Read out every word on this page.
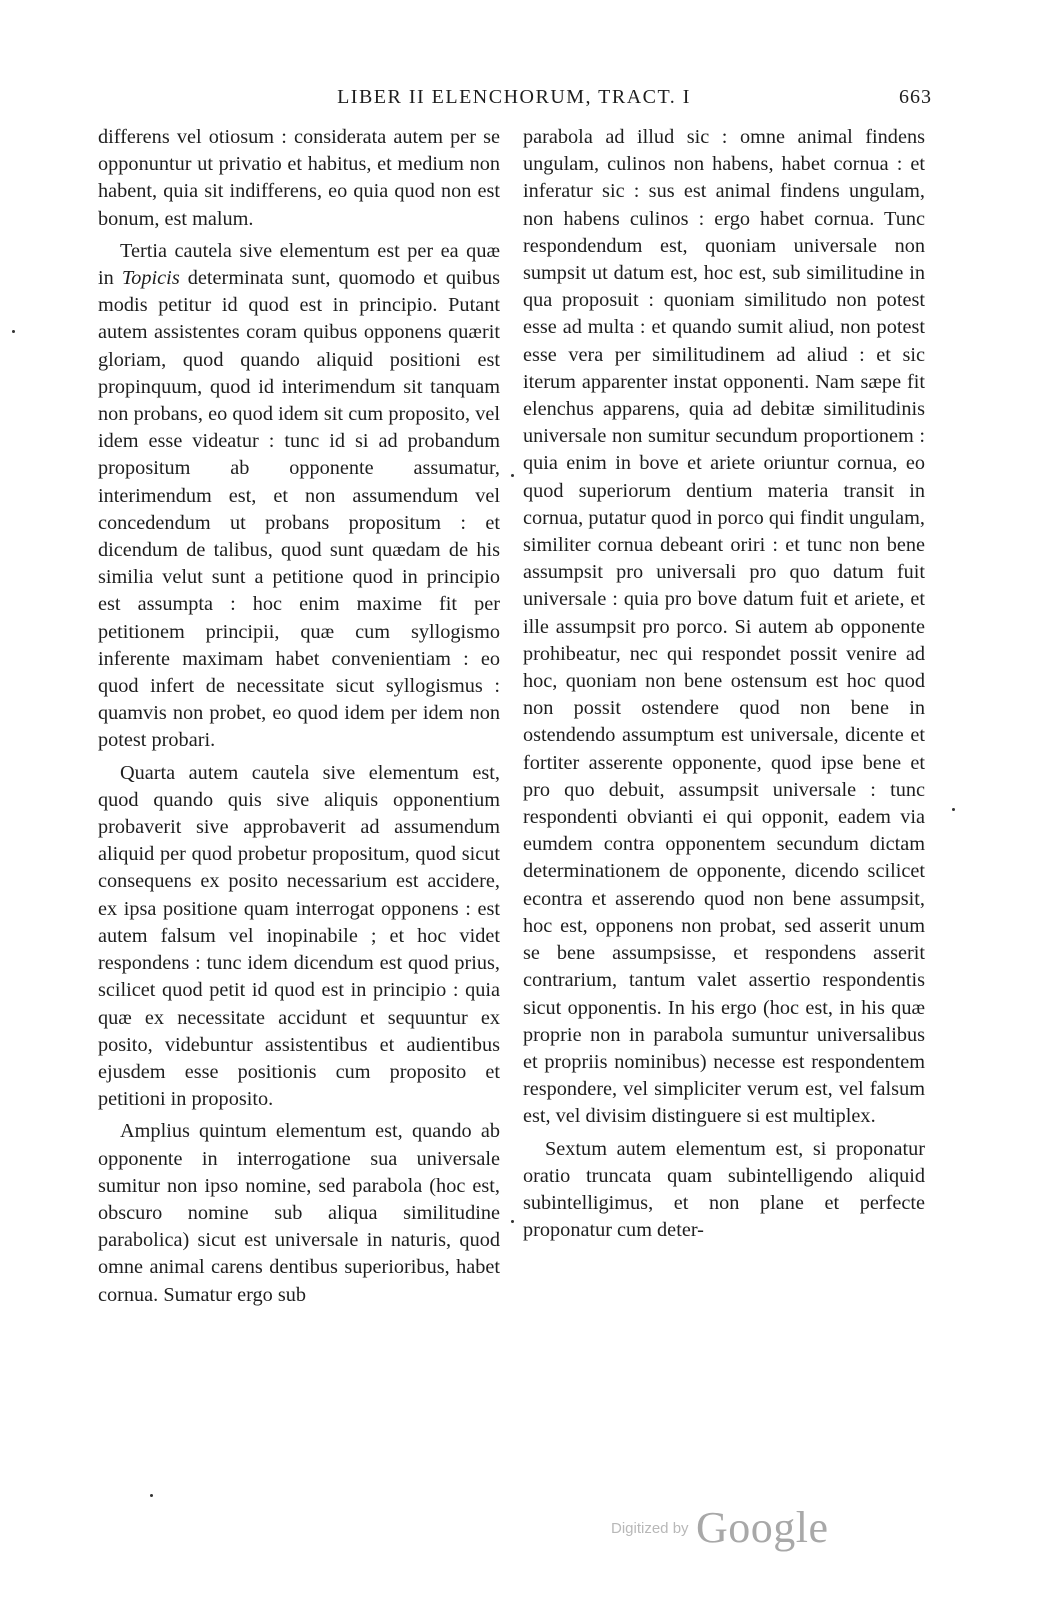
LIBER II ELENCHORUM, TRACT. I	663

differens vel otiosum : considerata autem per se opponuntur ut privatio et habitus, et medium non habent, quia sit indifferens, eo quia quod non est bonum, est malum.

Tertia cautela sive elementum est per ea quæ in Topicis determinata sunt, quomodo et quibus modis petitur id quod est in principio. Putant autem assistentes coram quibus opponens quærit gloriam, quod quando aliquid positioni est propinquum, quod id interimendum sit tanquam non probans, eo quod idem sit cum proposito, vel idem esse videatur : tunc id si ad probandum propositum ab opponente assumatur, interimendum est, et non assumendum vel concedendum ut probans propositum : et dicendum de talibus, quod sunt quædam de his similia velut sunt a petitione quod in principio est assumpta : hoc enim maxime fit per petitionem principii, quæ cum syllogismo inferente maximam habet convenientiam : eo quod infert de necessitate sicut syllogismus : quamvis non probet, eo quod idem per idem non potest probari.

Quarta autem cautela sive elementum est, quod quando quis sive aliquis opponentium probaverit sive approbaverit ad assumendum aliquid per quod probetur propositum, quod sicut consequens ex posito necessarium est accidere, ex ipsa positione quam interrogat opponens : est autem falsum vel inopinabile ; et hoc videt respondens : tunc idem dicendum est quod prius, scilicet quod petit id quod est in principio : quia quæ ex necessitate accidunt et sequuntur ex posito, videbuntur assistentibus et audientibus ejusdem esse positionis cum proposito et petitioni in proposito.

Amplius quintum elementum est, quando ab opponente in interrogatione sua universale sumitur non ipso nomine, sed parabola (hoc est, obscuro nomine sub aliqua similitudine parabolica) sicut est universale in naturis, quod omne animal carens dentibus superioribus, habet cornua. Sumatur ergo sub

parabola ad illud sic : omne animal findens ungulam, culinos non habens, habet cornua : et inferatur sic : sus est animal findens ungulam, non habens culinos : ergo habet cornua. Tunc respondendum est, quoniam universale non sumpsit ut datum est, hoc est, sub similitudine in qua proposuit : quoniam similitudo non potest esse ad multa : et quando sumit aliud, non potest esse vera per similitudinem ad aliud : et sic iterum apparenter instat opponenti. Nam sæpe fit elenchus apparens, quia ad debitæ similitudinis universale non sumitur secundum proportionem : quia enim in bove et ariete oriuntur cornua, eo quod superiorum dentium materia transit in cornua, putatur quod in porco qui findit ungulam, similiter cornua debeant oriri : et tunc non bene assumpsit pro universali pro quo datum fuit universale : quia pro bove datum fuit et ariete, et ille assumpsit pro porco. Si autem ab opponente prohibeatur, nec qui respondet possit venire ad hoc, quoniam non bene ostensum est hoc quod non possit ostendere quod non bene in ostendendo assumptum est universale, dicente et fortiter asserente opponente, quod ipse bene et pro quo debuit, assumpsit universale : tunc respondenti obvianti ei qui opponit, eadem via eumdem contra opponentem secundum dictam determinationem de opponente, dicendo scilicet econtra et asserendo quod non bene assumpsit, hoc est, opponens non probat, sed asserit unum se bene assumpsisse, et respondens asserit contrarium, tantum valet assertio respondentis sicut opponentis. In his ergo (hoc est, in his quæ proprie non in parabola sumuntur universalibus et propriis nominibus) necesse est respondentem respondere, vel simpliciter verum est, vel falsum est, vel divisim distinguere si est multiplex.

Sextum autem elementum est, si proponatur oratio truncata quam subintelligendo aliquid subintelligimus, et non plane et perfecte proponatur cum deter-

Digitized by Google
